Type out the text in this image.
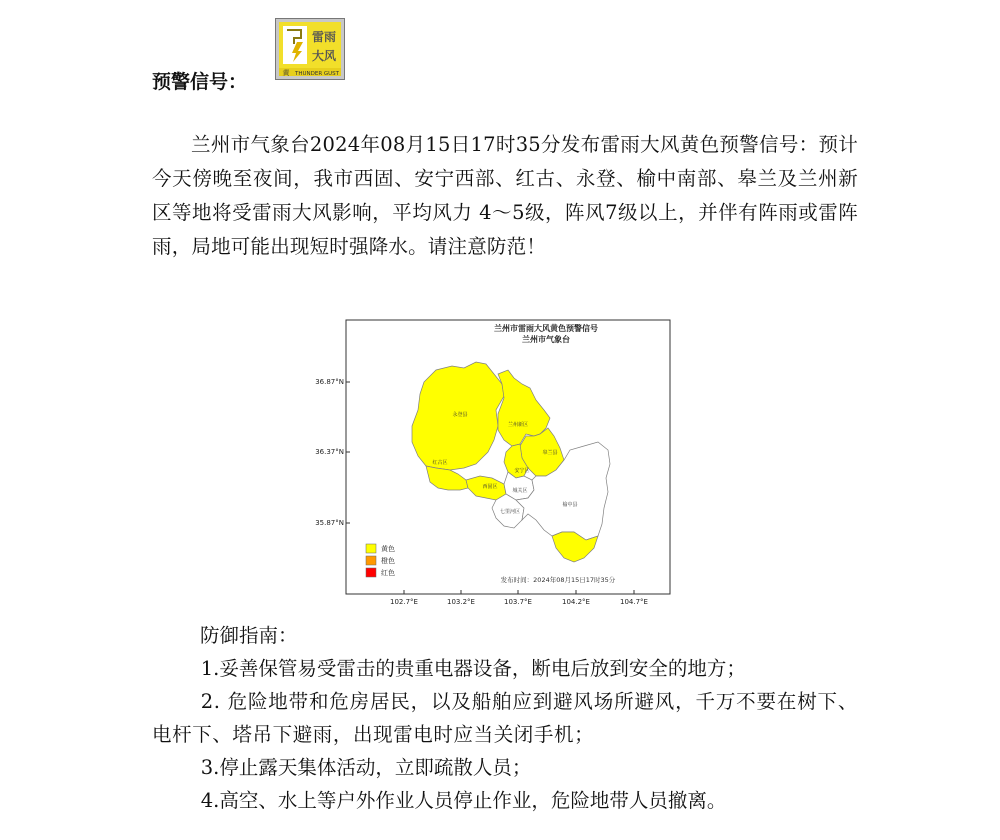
预警信号：
雷雨
大风
黄 THUNDER GUST
兰州市气象台2024年08月15日17时35分发布雷雨大风黄色预警信号：预计今天傍晚至夜间，我市西固、安宁西部、红古、永登、榆中南部、皋兰及兰州新区等地将受雷雨大风影响，平均风力 4～5级，阵风7级以上，并伴有阵雨或雷阵雨，局地可能出现短时强降水。请注意防范！
36.87°N
36.37°N
35.87°N
102.7°E	103.2°E	103.7°E	104.2°E	104.7°E
兰州市雷雨大风黄色预警信号
兰州市气象台
永登县
兰州新区
皋兰县
红古区
安宁区
西固区
城关区
七里河区
榆中县
黄色
橙色
红色
发布时间：2024年08月15日17时35分
防御指南：

1.妥善保管易受雷击的贵重电器设备，断电后放到安全的地方；

2. 危险地带和危房居民，以及船舶应到避风场所避风，千万不要在树下、电杆下、塔吊下避雨，出现雷电时应当关闭手机；

3.停止露天集体活动，立即疏散人员；

4.高空、水上等户外作业人员停止作业，危险地带人员撤离。
